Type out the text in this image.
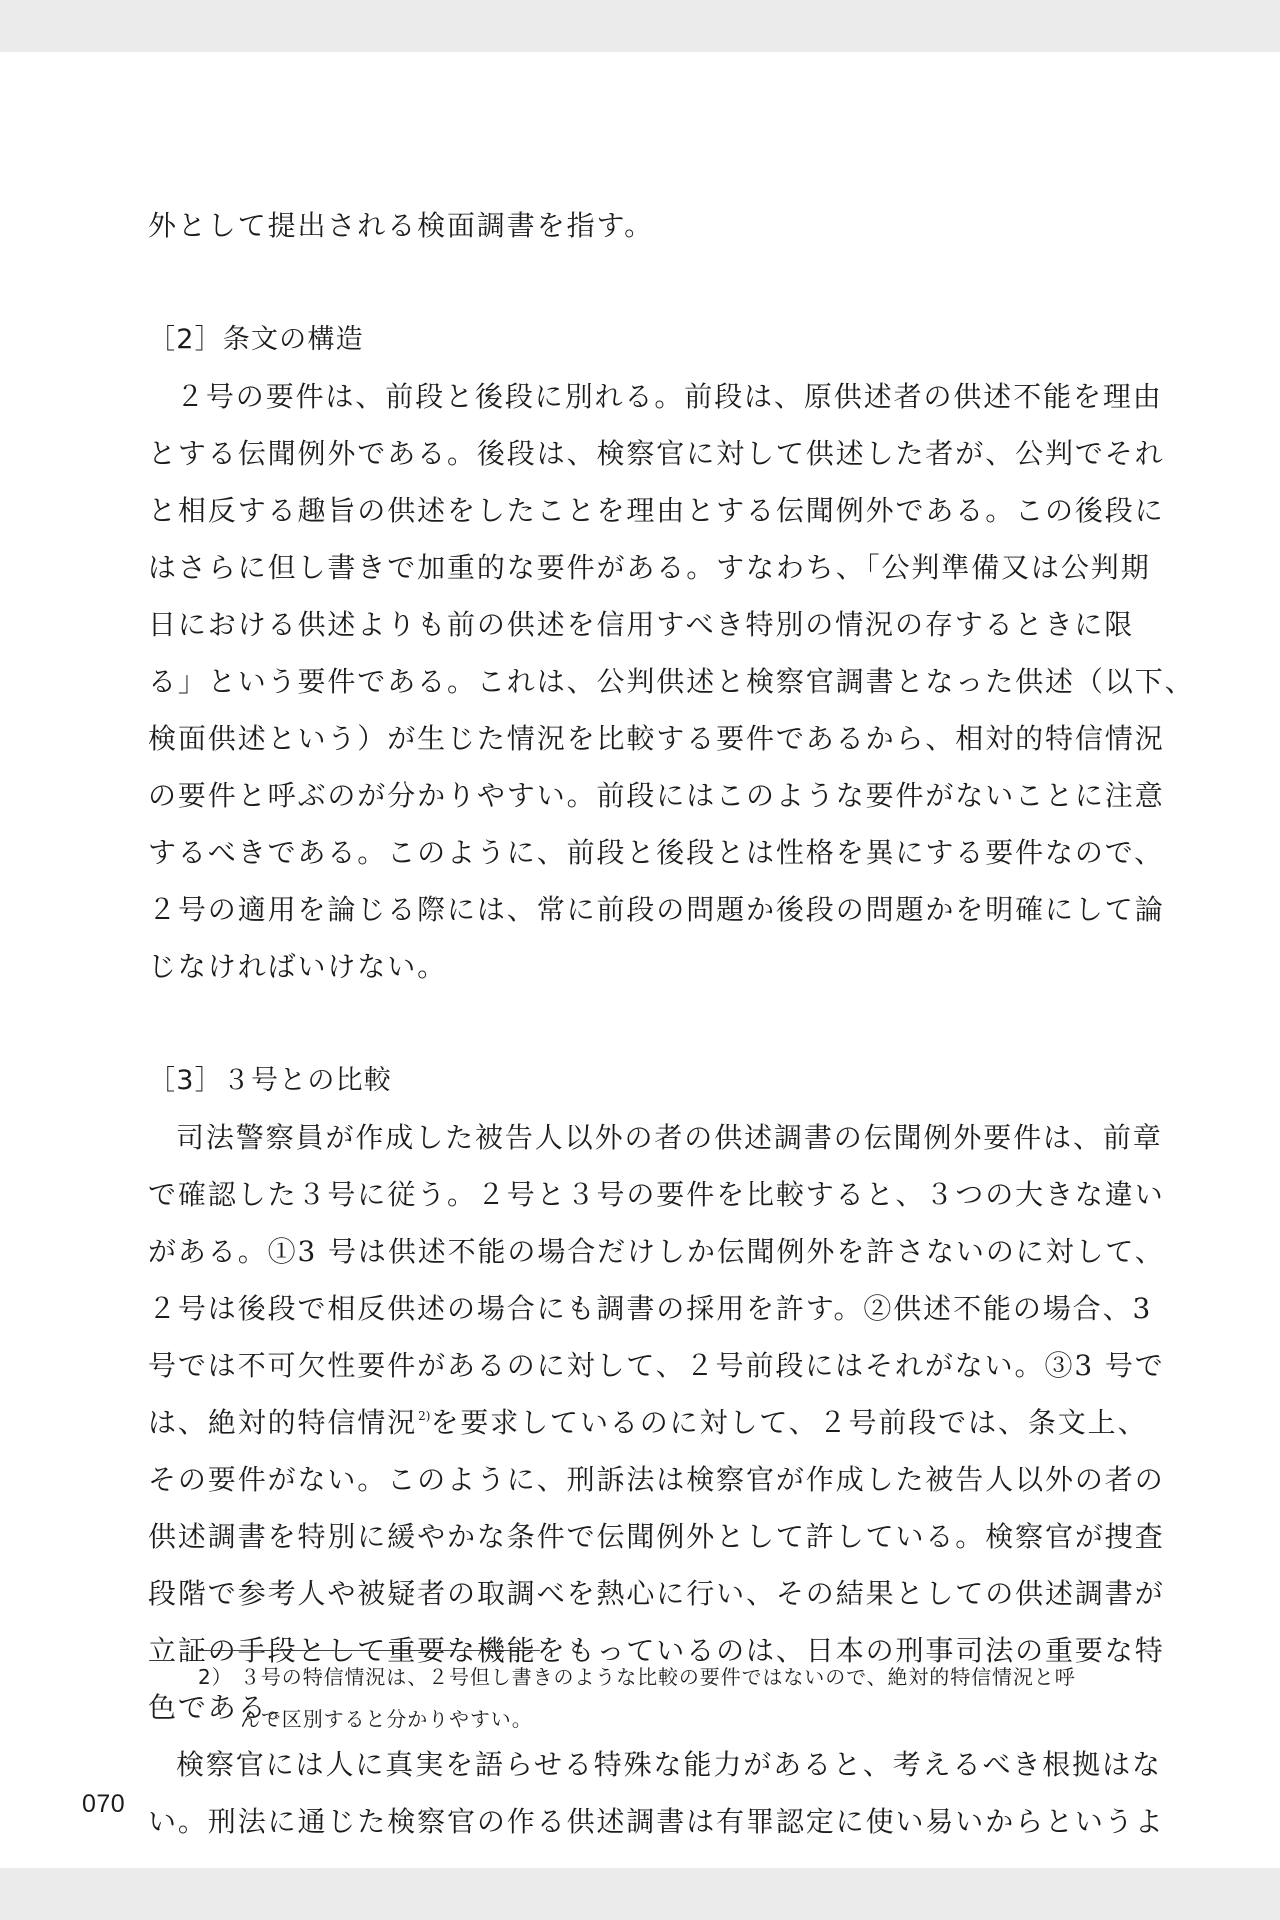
外として提出される検面調書を指す。
［2］条文の構造
２号の要件は、前段と後段に別れる。前段は、原供述者の供述不能を理由
とする伝聞例外である。後段は、検察官に対して供述した者が、公判でそれ
と相反する趣旨の供述をしたことを理由とする伝聞例外である。この後段に
はさらに但し書きで加重的な要件がある。すなわち、「公判準備又は公判期
日における供述よりも前の供述を信用すべき特別の情況の存するときに限
る」という要件である。これは、公判供述と検察官調書となった供述（以下、
検面供述という）が生じた情況を比較する要件であるから、相対的特信情況
の要件と呼ぶのが分かりやすい。前段にはこのような要件がないことに注意
するべきである。このように、前段と後段とは性格を異にする要件なので、
２号の適用を論じる際には、常に前段の問題か後段の問題かを明確にして論
じなければいけない。
［3］３号との比較
司法警察員が作成した被告人以外の者の供述調書の伝聞例外要件は、前章
で確認した３号に従う。２号と３号の要件を比較すると、３つの大きな違い
がある。①3 号は供述不能の場合だけしか伝聞例外を許さないのに対して、
２号は後段で相反供述の場合にも調書の採用を許す。②供述不能の場合、3
号では不可欠性要件があるのに対して、２号前段にはそれがない。③3 号で
は、絶対的特信情況$^{2)}$を要求しているのに対して、２号前段では、条文上、
その要件がない。このように、刑訴法は検察官が作成した被告人以外の者の
供述調書を特別に緩やかな条件で伝聞例外として許している。検察官が捜査
段階で参考人や被疑者の取調べを熱心に行い、その結果としての供述調書が
立証の手段として重要な機能をもっているのは、日本の刑事司法の重要な特
色である。
検察官には人に真実を語らせる特殊な能力があると、考えるべき根拠はな
い。刑法に通じた検察官の作る供述調書は有罪認定に使い易いからというよ
2） ３号の特信情況は、２号但し書きのような比較の要件ではないので、絶対的特信情況と呼
んで区別すると分かりやすい。
070
